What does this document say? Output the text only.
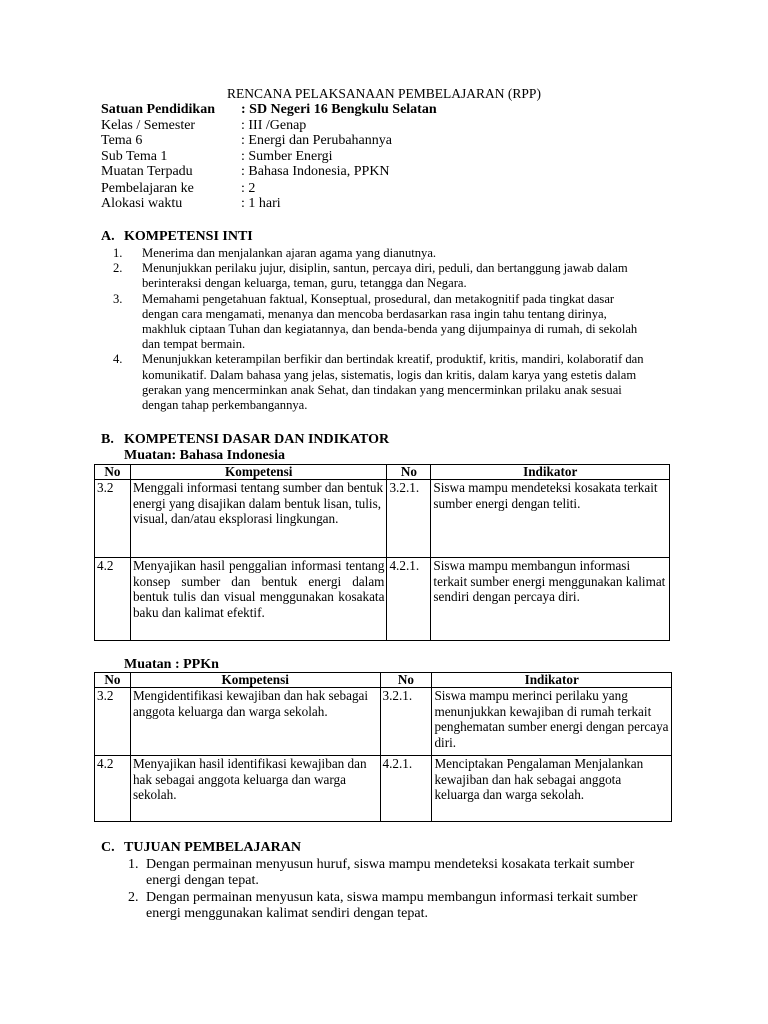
RENCANA PELAKSANAAN PEMBELAJARAN (RPP)
Satuan Pendidikan	: SD Negeri 16 Bengkulu Selatan
Kelas / Semester	: III /Genap
Tema 6	: Energi dan Perubahannya
Sub Tema 1	: Sumber Energi
Muatan Terpadu	: Bahasa Indonesia, PPKN
Pembelajaran ke	: 2
Alokasi waktu	: 1 hari
A. KOMPETENSI INTI
1.	Menerima dan menjalankan ajaran agama yang dianutnya.
2.	Menunjukkan perilaku jujur, disiplin, santun, percaya diri, peduli, dan bertanggung jawab dalam berinteraksi dengan keluarga, teman, guru, tetangga dan Negara.
3.	Memahami pengetahuan faktual, Konseptual, prosedural, dan metakognitif pada tingkat dasar dengan cara mengamati, menanya dan mencoba berdasarkan rasa ingin tahu tentang dirinya, makhluk ciptaan Tuhan dan kegiatannya, dan benda-benda yang dijumpainya di rumah, di sekolah dan tempat bermain.
4.	Menunjukkan keterampilan berfikir dan bertindak kreatif, produktif, kritis, mandiri, kolaboratif dan komunikatif. Dalam bahasa yang jelas, sistematis, logis dan kritis, dalam karya yang estetis dalam gerakan yang mencerminkan anak Sehat, dan tindakan yang mencerminkan prilaku anak sesuai dengan tahap perkembangannya.
B. KOMPETENSI DASAR DAN INDIKATOR
Muatan: Bahasa Indonesia
No	Kompetensi	No	Indikator
3.2	Menggali informasi tentang sumber dan bentuk energi yang disajikan dalam bentuk lisan, tulis, visual, dan/atau eksplorasi lingkungan.	3.2.1.	Siswa mampu mendeteksi kosakata terkait sumber energi dengan teliti.
4.2	Menyajikan hasil penggalian informasi tentang konsep sumber dan bentuk energi dalam bentuk tulis dan visual menggunakan kosakata baku dan kalimat efektif.	4.2.1.	Siswa mampu membangun informasi terkait sumber energi menggunakan kalimat sendiri dengan percaya diri.
Muatan : PPKn
No	Kompetensi	No	Indikator
3.2	Mengidentifikasi kewajiban dan hak sebagai anggota keluarga dan warga sekolah.	3.2.1.	Siswa mampu merinci perilaku yang menunjukkan kewajiban di rumah terkait penghematan sumber energi dengan percaya diri.
4.2	Menyajikan hasil identifikasi kewajiban dan hak sebagai anggota keluarga dan warga sekolah.	4.2.1.	Menciptakan Pengalaman Menjalankan kewajiban dan hak sebagai anggota keluarga dan warga sekolah.
C. TUJUAN PEMBELAJARAN
1. Dengan permainan menyusun huruf, siswa mampu mendeteksi kosakata terkait sumber energi dengan tepat.
2. Dengan permainan menyusun kata, siswa mampu membangun informasi terkait sumber energi menggunakan kalimat sendiri dengan tepat.
